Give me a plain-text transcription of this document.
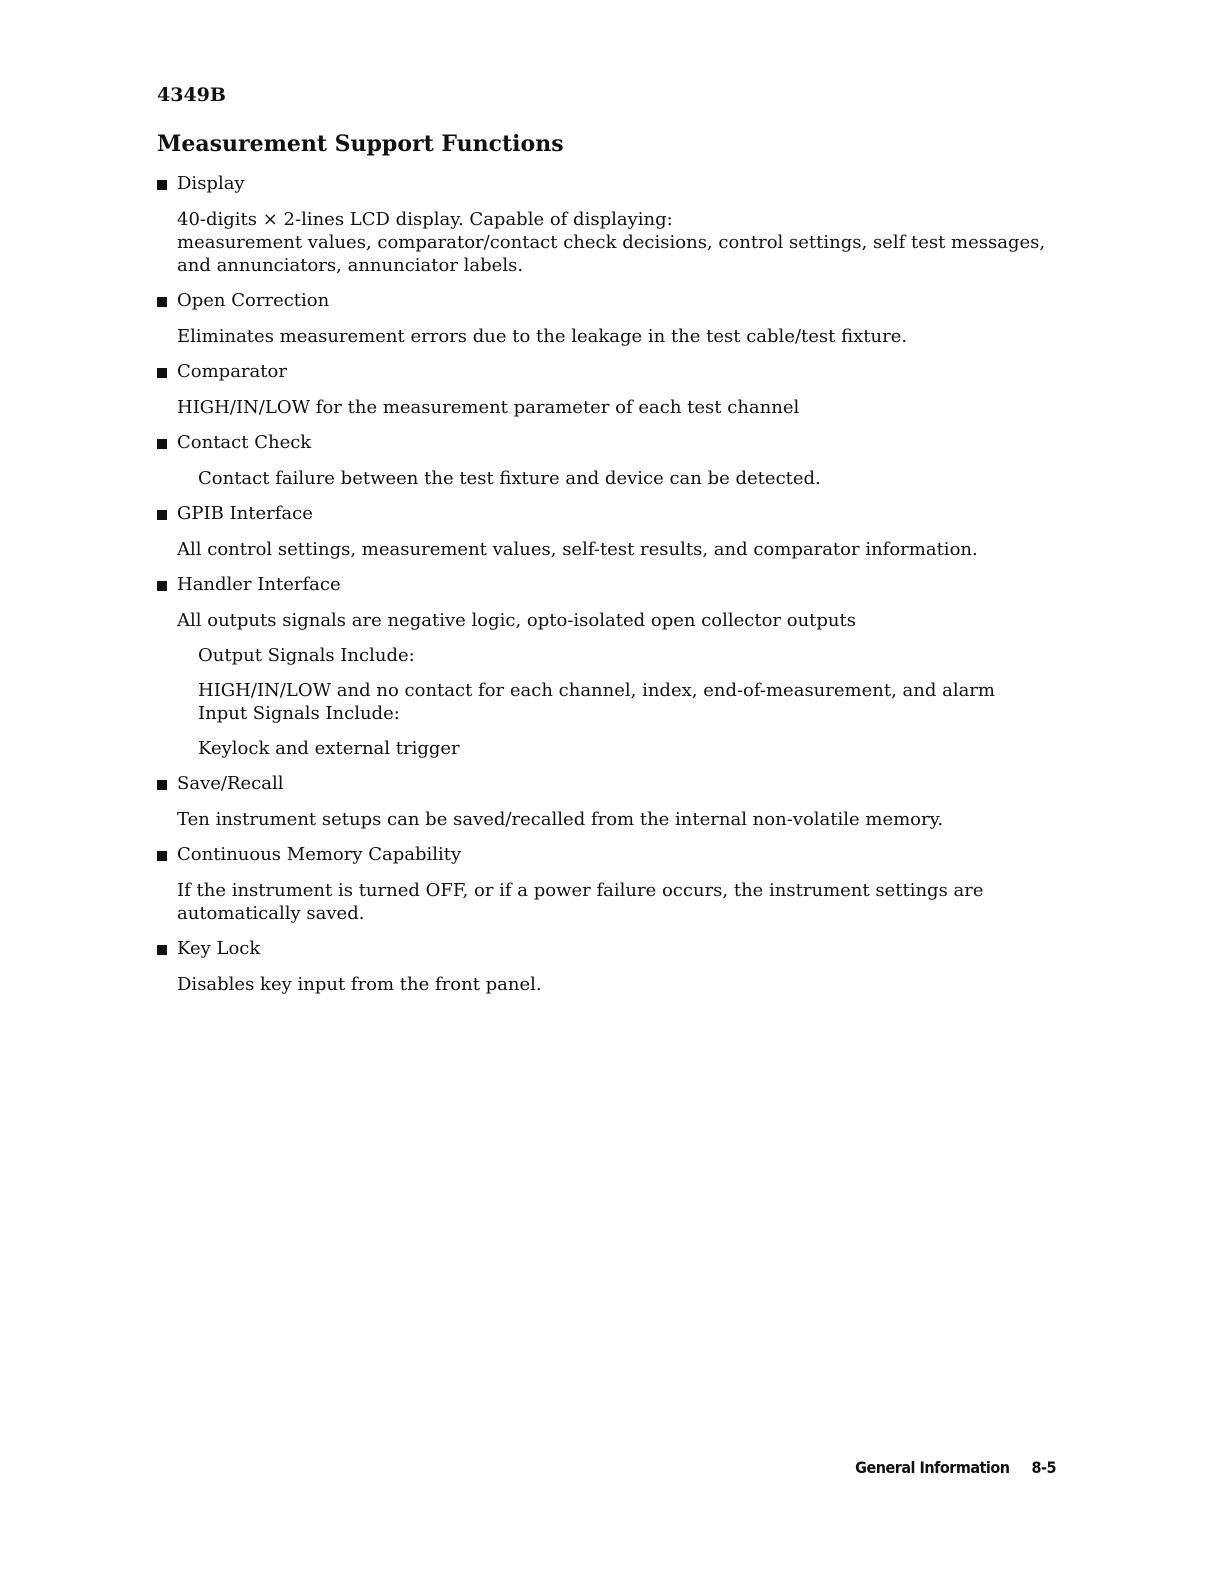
4349B
Measurement Support Functions
Display

40-digits × 2-lines LCD display. Capable of displaying:

measurement values, comparator/contact check decisions, control settings, self test messages,

and annunciators, annunciator labels.

Open Correction

Eliminates measurement errors due to the leakage in the test cable/test fixture.

Comparator

HIGH/IN/LOW for the measurement parameter of each test channel

Contact Check

Contact failure between the test fixture and device can be detected.

GPIB Interface

All control settings, measurement values, self-test results, and comparator information.

Handler Interface

All outputs signals are negative logic, opto-isolated open collector outputs

Output Signals Include:

HIGH/IN/LOW and no contact for each channel, index, end-of-measurement, and alarm

Input Signals Include:

Keylock and external trigger

Save/Recall

Ten instrument setups can be saved/recalled from the internal non-volatile memory.

Continuous Memory Capability

If the instrument is turned OFF, or if a power failure occurs, the instrument settings are

automatically saved.

Key Lock

Disables key input from the front panel.

General Information 8-5
